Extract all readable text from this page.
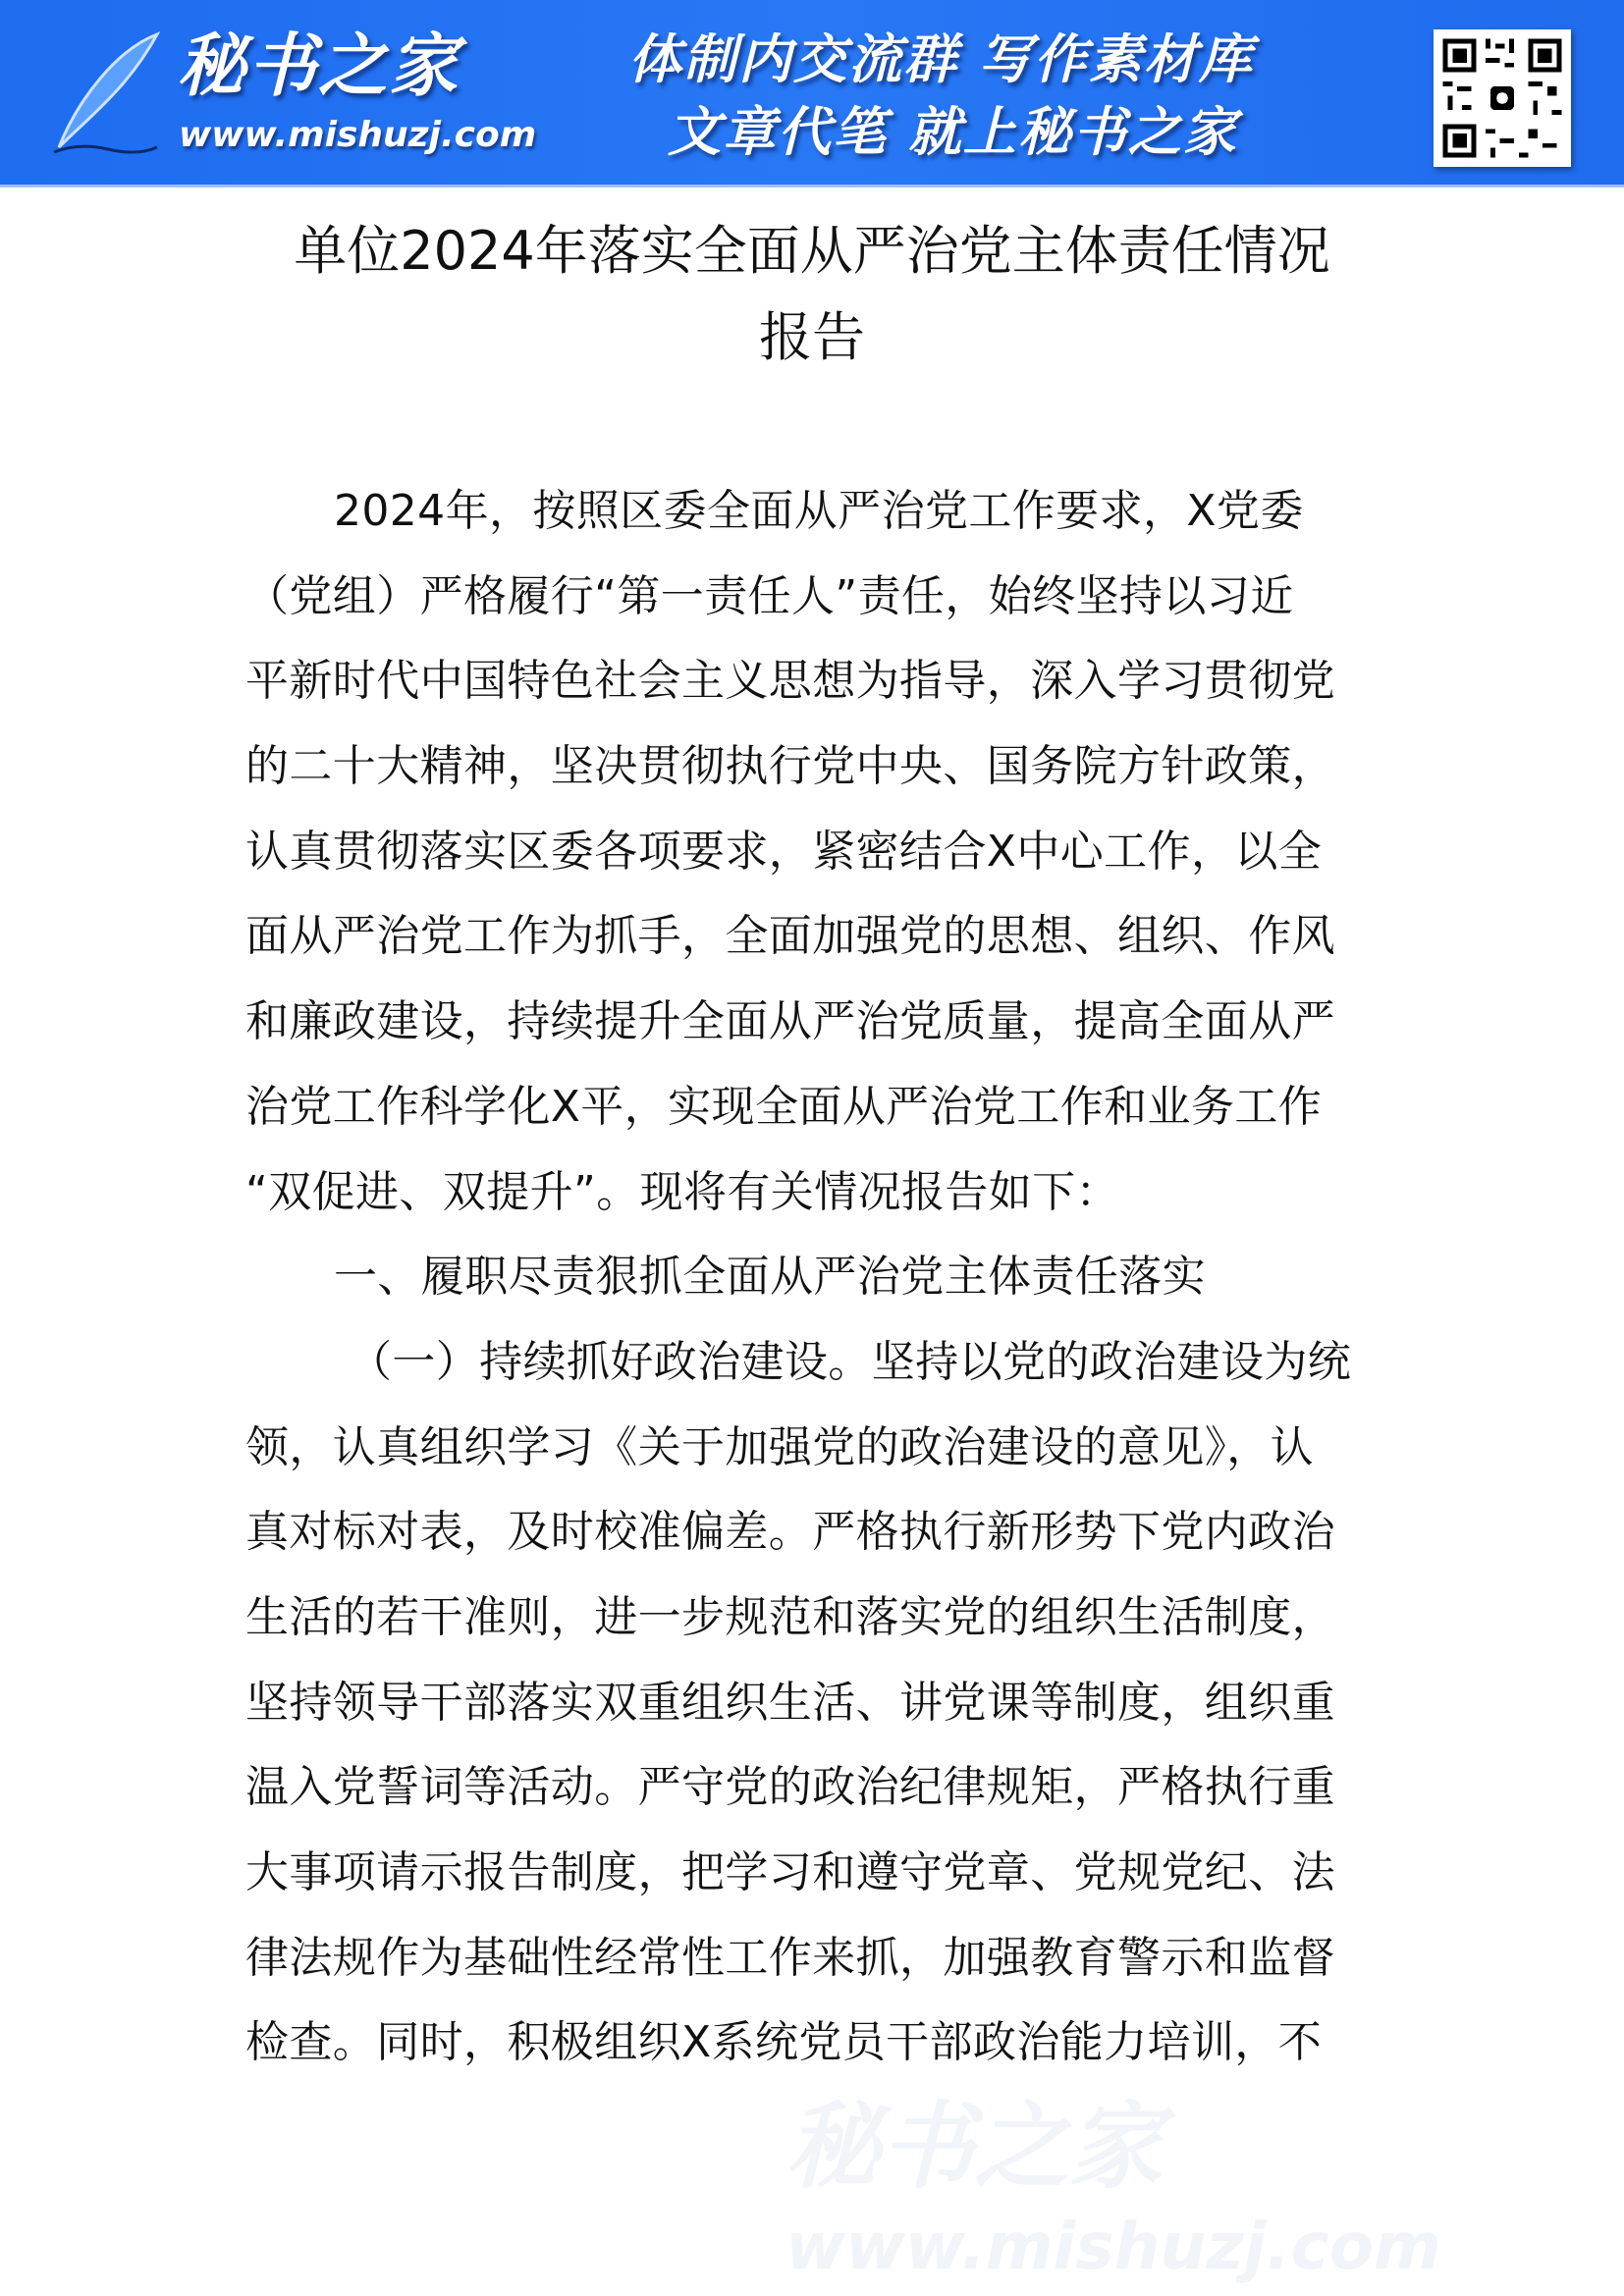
秘书之家
www.mishuzj.com
体制内交流群 写作素材库
文章代笔 就上秘书之家
单位2024年落实全面从严治党主体责任情况
报告
2024年，按照区委全面从严治党工作要求，X党委
（党组）严格履行“第一责任人”责任，始终坚持以习近
平新时代中国特色社会主义思想为指导，深入学习贯彻党
的二十大精神，坚决贯彻执行党中央、国务院方针政策，
认真贯彻落实区委各项要求，紧密结合X中心工作，以全
面从严治党工作为抓手，全面加强党的思想、组织、作风
和廉政建设，持续提升全面从严治党质量，提高全面从严
治党工作科学化X平，实现全面从严治党工作和业务工作
“双促进、双提升”。现将有关情况报告如下：
一、履职尽责狠抓全面从严治党主体责任落实
（一）持续抓好政治建设。坚持以党的政治建设为统
领，认真组织学习《关于加强党的政治建设的意见》，认
真对标对表，及时校准偏差。严格执行新形势下党内政治
生活的若干准则，进一步规范和落实党的组织生活制度，
坚持领导干部落实双重组织生活、讲党课等制度，组织重
温入党誓词等活动。严守党的政治纪律规矩，严格执行重
大事项请示报告制度，把学习和遵守党章、党规党纪、法
律法规作为基础性经常性工作来抓，加强教育警示和监督
检查。同时，积极组织X系统党员干部政治能力培训，不
秘书之家
www.mishuzj.com
